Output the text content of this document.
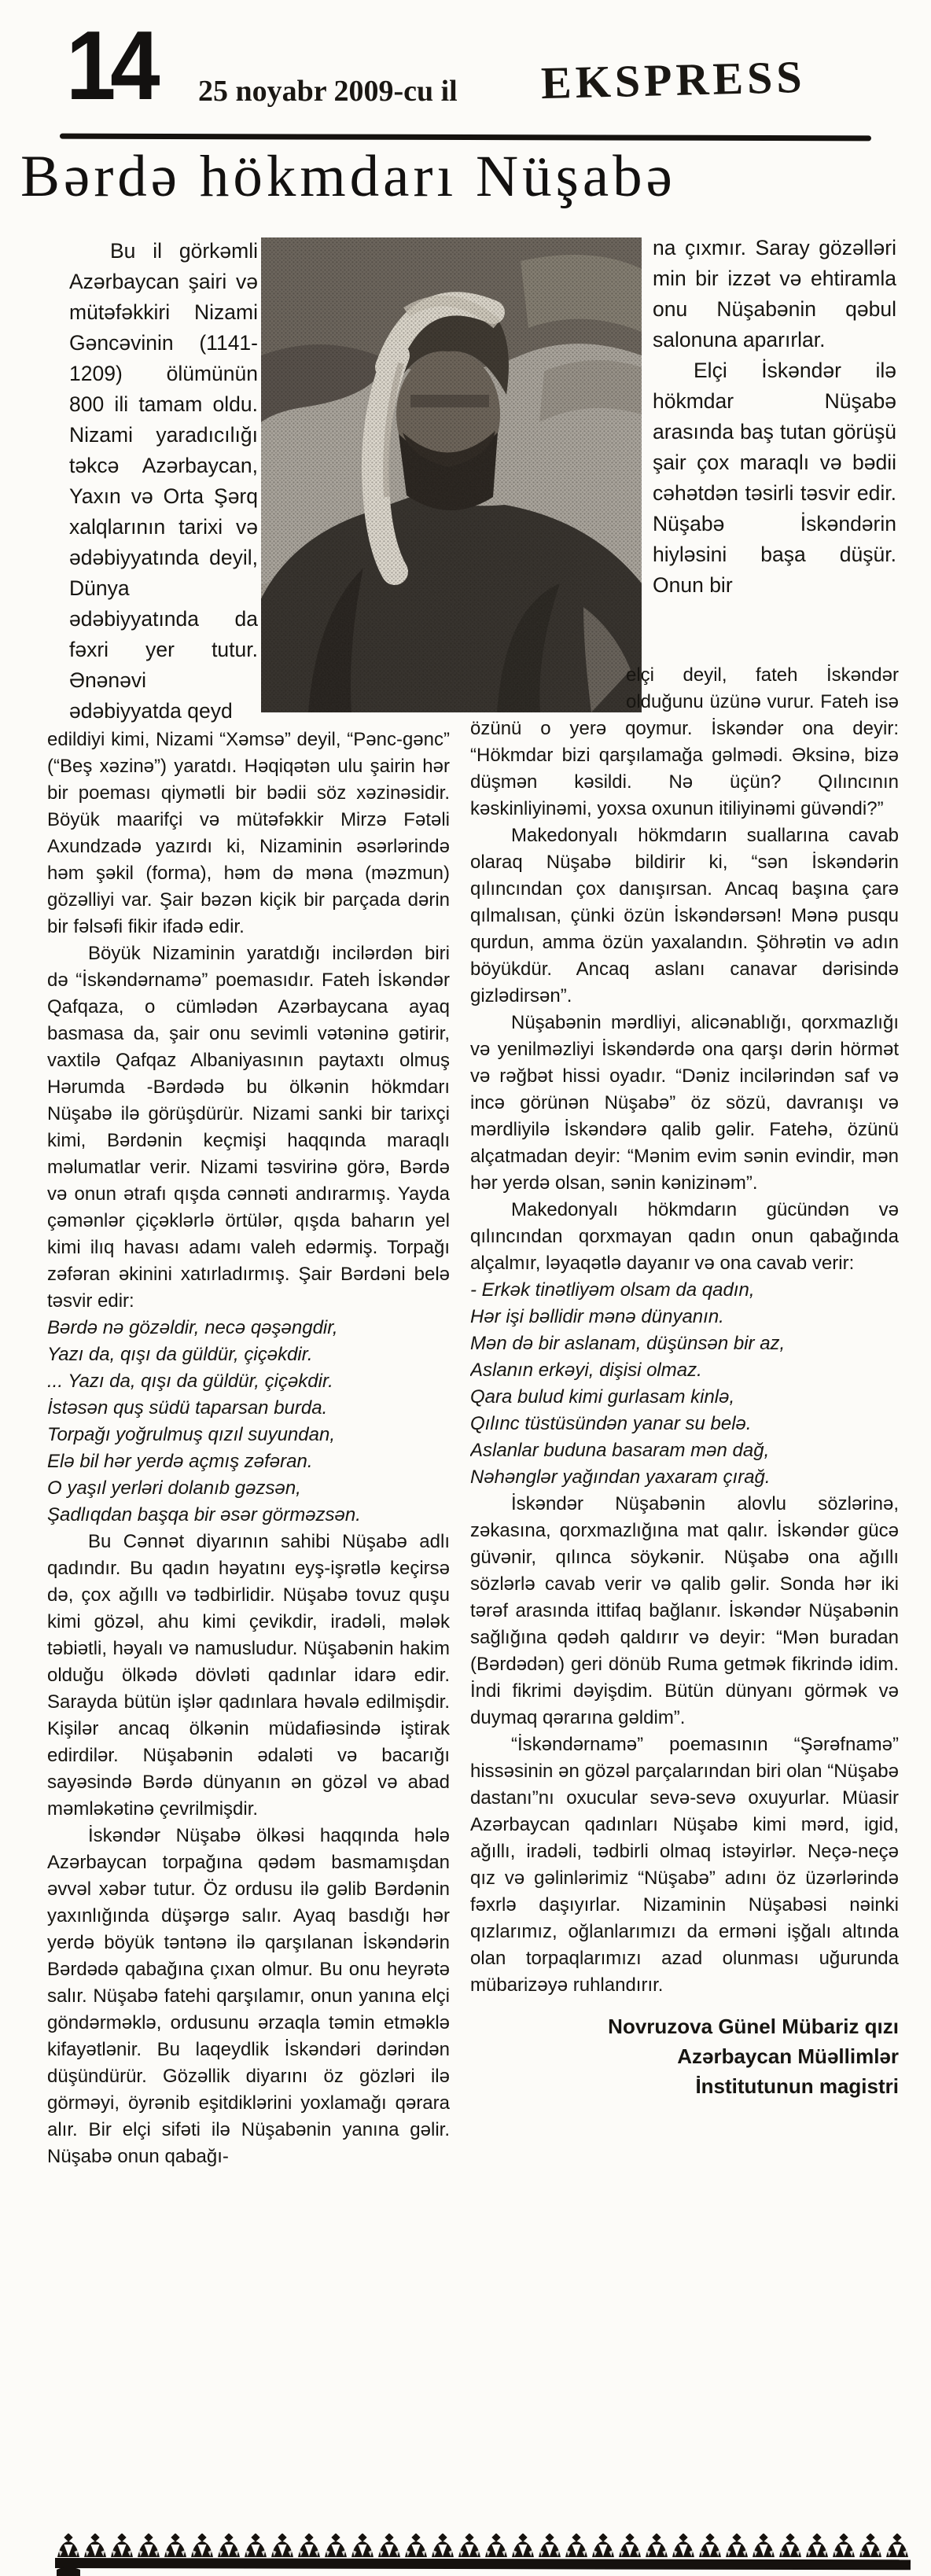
14 25 noyabr 2009-cu il EKSPRESS
Bərdə hökmdarı Nüşabə

Bu il görkəmli Azərbaycan şairi və mütəfəkkiri Nizami Gəncəvinin (1141-1209) ölümünün 800 ili tamam oldu. Nizami yaradıcılığı təkcə Azərbaycan, Yaxın və Orta Şərq xalqlarının tarixi və ədəbiyyatında deyil, Dünya ədəbiyyatında da fəxri yer tutur. Ənənəvi ədəbiyyatda qeyd

na çıxmır. Saray gözəlləri min bir izzət və ehtiramla onu Nüşabənin qəbul salonuna aparırlar.

Elçi İskəndər ilə hökmdar Nüşabə arasında baş tutan görüşü şair çox maraqlı və bədii cəhətdən təsirli təsvir edir. Nüşabə İskəndərin hiyləsini başa düşür. Onun bir

edildiyi kimi, Nizami “Xəmsə” deyil, “Pənc-gənc” (“Beş xəzinə”) yaratdı. Həqiqətən ulu şairin hər bir poeması qiymətli bir bədii söz xəzinəsidir. Böyük maarifçi və mütəfəkkir Mirzə Fətəli Axundzadə yazırdı ki, Nizaminin əsərlərində həm şəkil (forma), həm də məna (məzmun) gözəlliyi var. Şair bəzən kiçik bir parçada dərin bir fəlsəfi fikir ifadə edir.

Böyük Nizaminin yaratdığı incilərdən biri də “İskəndərnamə” poemasıdır. Fateh İskəndər Qafqaza, o cümlədən Azərbaycana ayaq basmasa da, şair onu sevimli vətəninə gətirir, vaxtilə Qafqaz Albaniyasının paytaxtı olmuş Hərumda -Bərdədə bu ölkənin hökmdarı Nüşabə ilə görüşdürür. Nizami sanki bir tarixçi kimi, Bərdənin keçmişi haqqında maraqlı məlumatlar verir. Nizami təsvirinə görə, Bərdə və onun ətrafı qışda cənnəti andırarmış. Yayda çəmənlər çiçəklərlə örtülər, qışda baharın yel kimi ilıq havası adamı valeh edərmiş. Torpağı zəfəran əkinini xatırladırmış. Şair Bərdəni belə təsvir edir:

Bərdə nə gözəldir, necə qəşəngdir,

Yazı da, qışı da güldür, çiçəkdir.

... Yazı da, qışı da güldür, çiçəkdir.

İstəsən quş südü taparsan burda.

Torpağı yoğrulmuş qızıl suyundan,

Elə bil hər yerdə açmış zəfəran.

O yaşıl yerləri dolanıb gəzsən,

Şadlıqdan başqa bir əsər görməzsən.

Bu Cənnət diyarının sahibi Nüşabə adlı qadındır. Bu qadın həyatını eyş-işrətlə keçirsə də, çox ağıllı və tədbirlidir. Nüşabə tovuz quşu kimi gözəl, ahu kimi çevikdir, iradəli, mələk təbiətli, həyalı və namusludur. Nüşabənin hakim olduğu ölkədə dövləti qadınlar idarə edir. Sarayda bütün işlər qadınlara həvalə edilmişdir. Kişilər ancaq ölkənin müdafiəsində iştirak edirdilər. Nüşabənin ədaləti və bacarığı sayəsində Bərdə dünyanın ən gözəl və abad məmləkətinə çevrilmişdir.

İskəndər Nüşabə ölkəsi haqqında hələ Azərbaycan torpağına qədəm basmamışdan əvvəl xəbər tutur. Öz ordusu ilə gəlib Bərdənin yaxınlığında düşərgə salır. Ayaq basdığı hər yerdə böyük təntənə ilə qarşılanan İskəndərin Bərdədə qabağına çıxan olmur. Bu onu heyrətə salır. Nüşabə fatehi qarşılamır, onun yanına elçi göndərməklə, ordusunu ərzaqla təmin etməklə kifayətlənir. Bu laqeydlik İskəndəri dərindən düşündürür. Gözəllik diyarını öz gözləri ilə görməyi, öyrənib eşitdiklərini yoxlamağı qərara alır. Bir elçi sifəti ilə Nüşabənin yanına gəlir. Nüşabə onun qabağı-

elçi deyil, fateh İskəndər olduğunu üzünə vurur. Fateh isə özünü o yerə qoymur. İskəndər ona deyir: “Hökmdar bizi qarşılamağa gəlmədi. Əksinə, bizə düşmən kəsildi. Nə üçün? Qılıncının kəskinliyinəmi, yoxsa oxunun itiliyinəmi güvəndi?”

Makedonyalı hökmdarın suallarına cavab olaraq Nüşabə bildirir ki, “sən İskəndərin qılıncından çox danışırsan. Ancaq başına çarə qılmalısan, çünki özün İskəndərsən! Mənə pusqu qurdun, amma özün yaxalandın. Şöhrətin və adın böyükdür. Ancaq aslanı canavar dərisində gizlədirsən”.

Nüşabənin mərdliyi, alicənablığı, qorxmazlığı və yenilməzliyi İskəndərdə ona qarşı dərin hörmət və rəğbət hissi oyadır. “Dəniz incilərindən saf və incə görünən Nüşabə” öz sözü, davranışı və mərdliyilə İskəndərə qalib gəlir. Fatehə, özünü alçatmadan deyir: “Mənim evim sənin evindir, mən hər yerdə olsan, sənin kənizinəm”.

Makedonyalı hökmdarın gücündən və qılıncından qorxmayan qadın onun qabağında alçalmır, ləyaqətlə dayanır və ona cavab verir:

- Erkək tinətliyəm olsam da qadın,

Hər işi bəllidir mənə dünyanın.

Mən də bir aslanam, düşünsən bir az,

Aslanın erkəyi, dişisi olmaz.

Qara bulud kimi gurlasam kinlə,

Qılınc tüstüsündən yanar su belə.

Aslanlar buduna basaram mən dağ,

Nəhənglər yağından yaxaram çırağ.

İskəndər Nüşabənin alovlu sözlərinə, zəkasına, qorxmazlığına mat qalır. İskəndər gücə güvənir, qılınca söykənir. Nüşabə ona ağıllı sözlərlə cavab verir və qalib gəlir. Sonda hər iki tərəf arasında ittifaq bağlanır. İskəndər Nüşabənin sağlığına qədəh qaldırır və deyir: “Mən buradan (Bərdədən) geri dönüb Ruma getmək fikrində idim. İndi fikrimi dəyişdim. Bütün dünyanı görmək və duymaq qərarına gəldim”.

“İskəndərnamə” poemasının “Şərəfnamə” hissəsinin ən gözəl parçalarından biri olan “Nüşabə dastanı”nı oxucular sevə-sevə oxuyurlar. Müasir Azərbaycan qadınları Nüşabə kimi mərd, igid, ağıllı, iradəli, tədbirli olmaq istəyirlər. Neçə-neçə qız və gəlinlərimiz “Nüşabə” adını öz üzərlərində fəxrlə daşıyırlar. Nizaminin Nüşabəsi nəinki qızlarımız, oğlanlarımızı da erməni işğalı altında olan torpaqlarımızı azad olunması uğurunda mübarizəyə ruhlandırır.

Novruzova Günel Mübariz qızı

Azərbaycan Müəllimlər

İnstitutunun magistri
